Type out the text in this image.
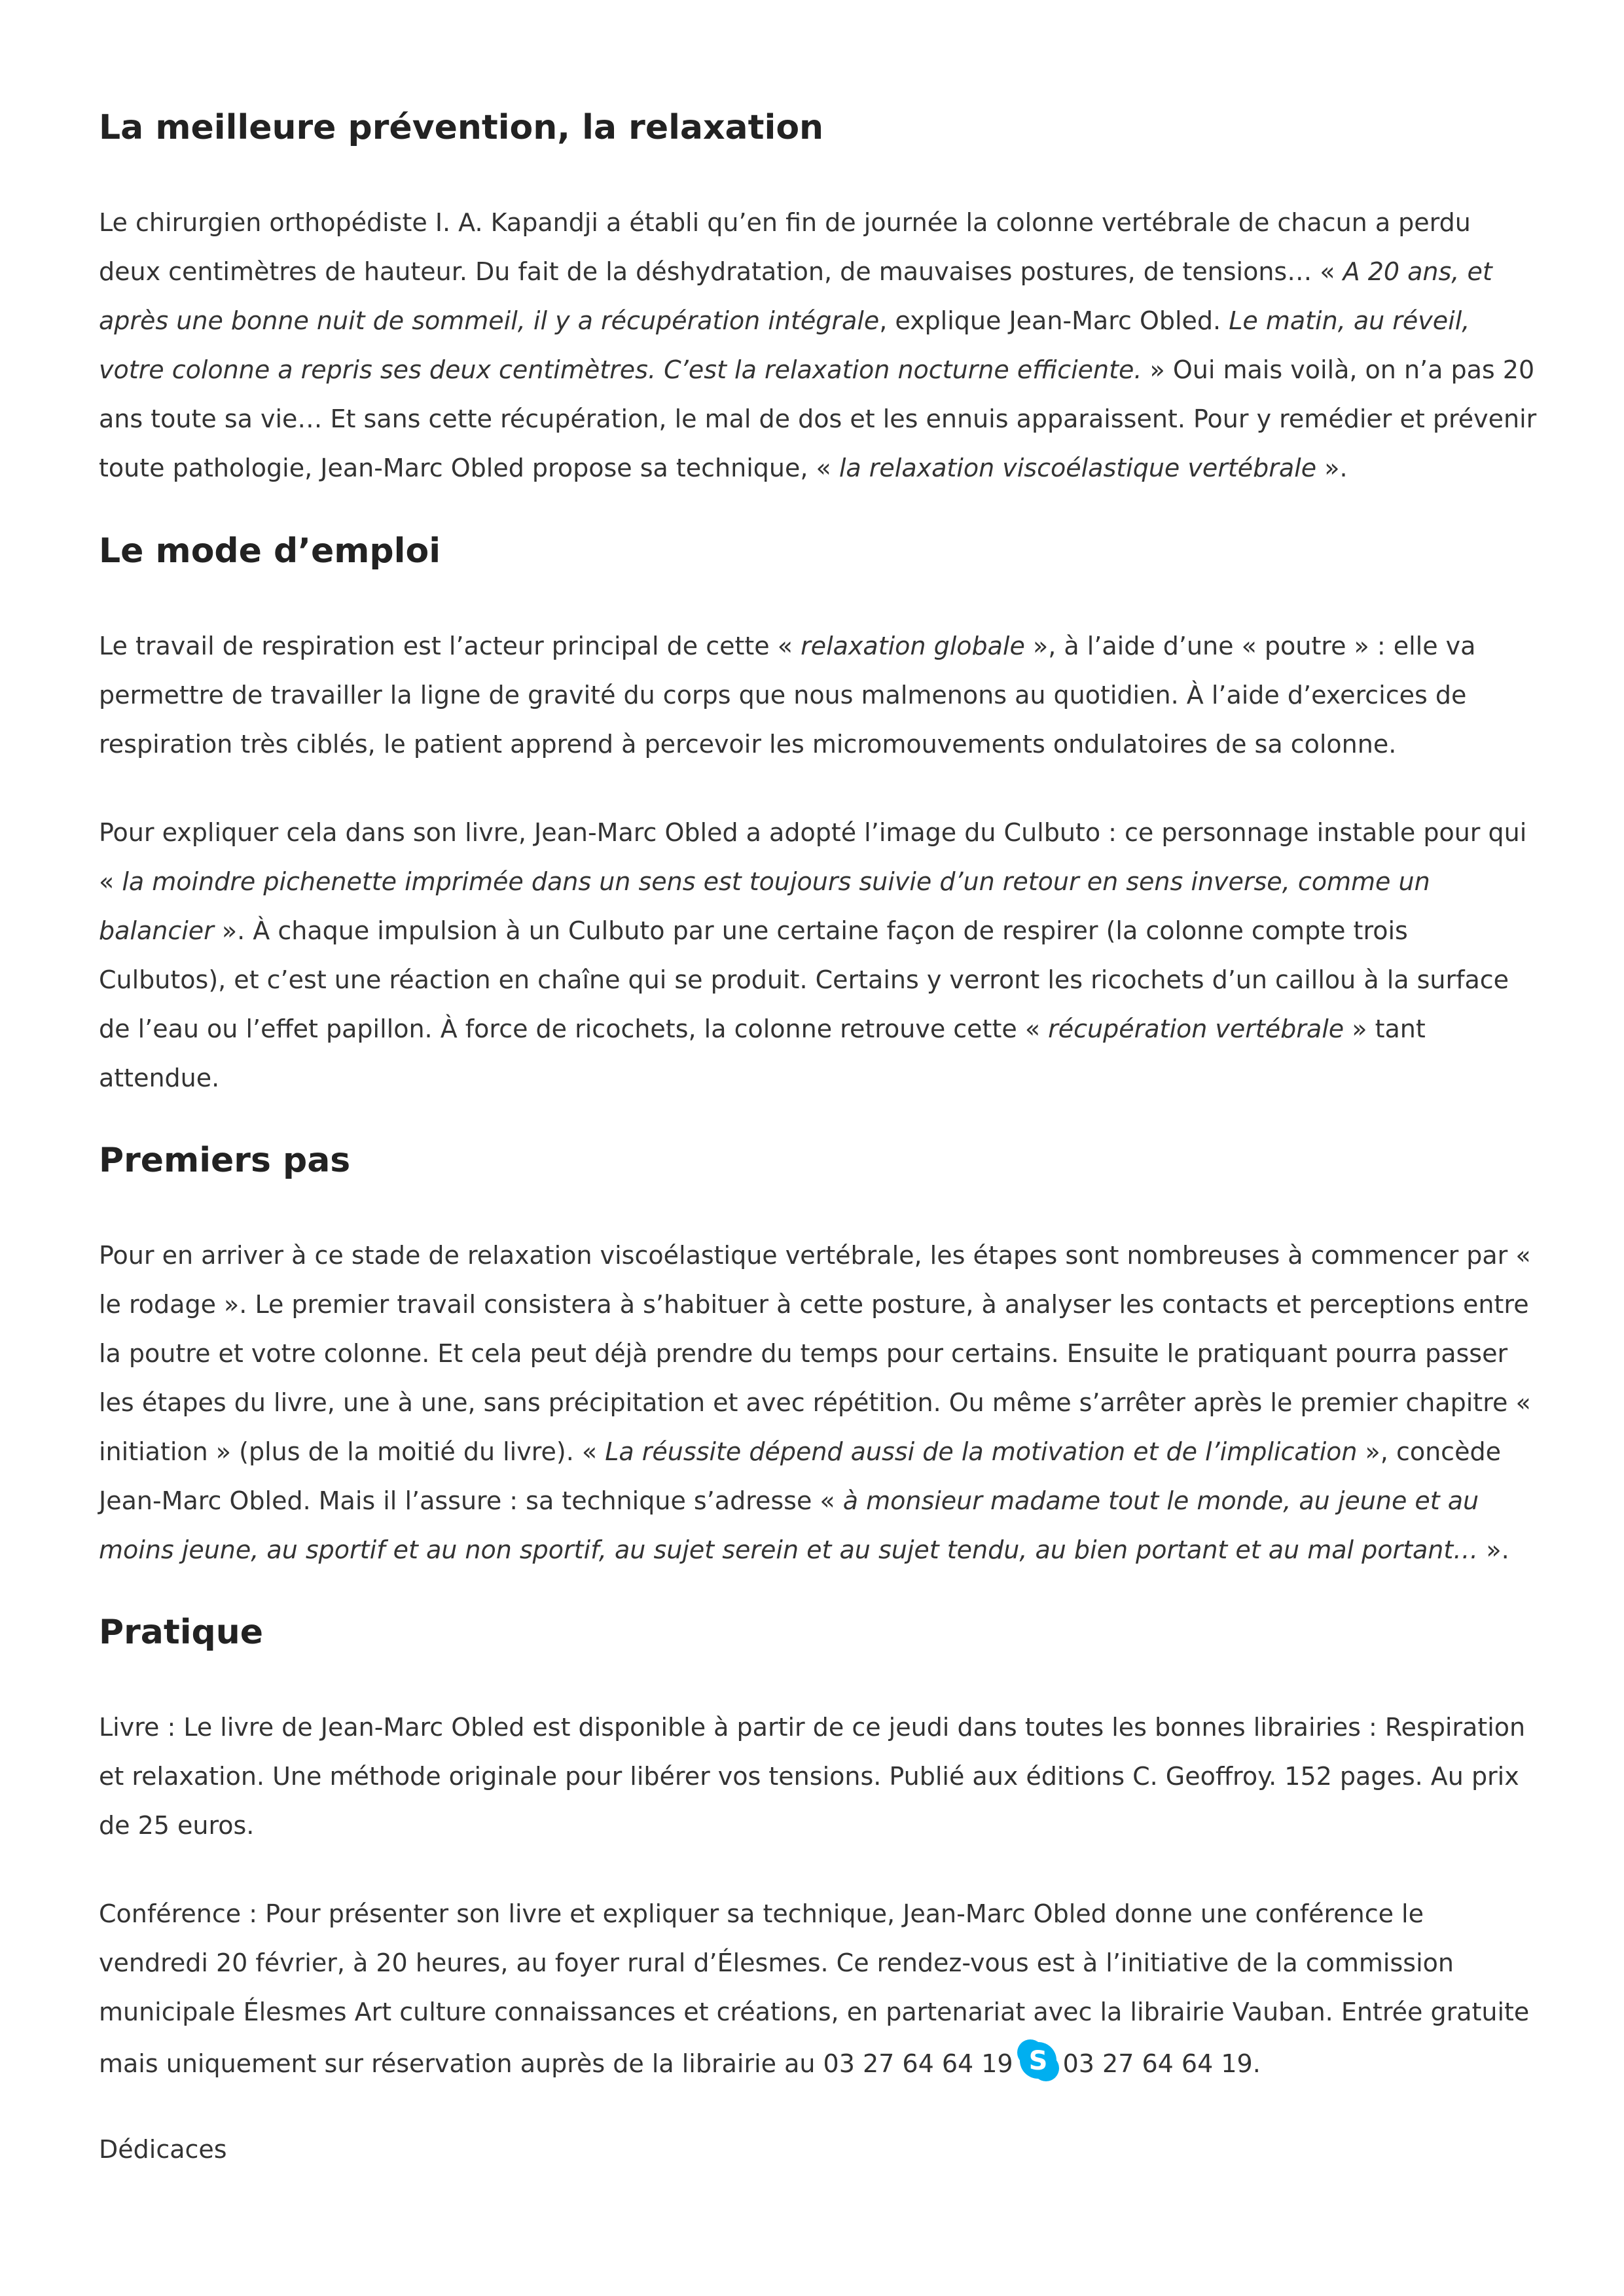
La meilleure prévention, la relaxation

Le chirurgien orthopédiste I. A. Kapandji a établi qu’en fin de journée la colonne vertébrale de chacun a perdu deux centimètres de hauteur. Du fait de la déshydratation, de mauvaises postures, de tensions… « A 20 ans, et après une bonne nuit de sommeil, il y a récupération intégrale, explique Jean-Marc Obled. Le matin, au réveil, votre colonne a repris ses deux centimètres. C’est la relaxation nocturne efficiente. » Oui mais voilà, on n’a pas 20 ans toute sa vie… Et sans cette récupération, le mal de dos et les ennuis apparaissent. Pour y remédier et prévenir toute pathologie, Jean-Marc Obled propose sa technique, « la relaxation viscoélastique vertébrale ».

Le mode d’emploi

Le travail de respiration est l’acteur principal de cette « relaxation globale », à l’aide d’une « poutre » : elle va permettre de travailler la ligne de gravité du corps que nous malmenons au quotidien. À l’aide d’exercices de respiration très ciblés, le patient apprend à percevoir les micromouvements ondulatoires de sa colonne.

Pour expliquer cela dans son livre, Jean-Marc Obled a adopté l’image du Culbuto : ce personnage instable pour qui « la moindre pichenette imprimée dans un sens est toujours suivie d’un retour en sens inverse, comme un balancier ». À chaque impulsion à un Culbuto par une certaine façon de respirer (la colonne compte trois Culbutos), et c’est une réaction en chaîne qui se produit. Certains y verront les ricochets d’un caillou à la surface de l’eau ou l’effet papillon. À force de ricochets, la colonne retrouve cette « récupération vertébrale » tant attendue.

Premiers pas

Pour en arriver à ce stade de relaxation viscoélastique vertébrale, les étapes sont nombreuses à commencer par « le rodage ». Le premier travail consistera à s’habituer à cette posture, à analyser les contacts et perceptions entre la poutre et votre colonne. Et cela peut déjà prendre du temps pour certains. Ensuite le pratiquant pourra passer les étapes du livre, une à une, sans précipitation et avec répétition. Ou même s’arrêter après le premier chapitre « initiation » (plus de la moitié du livre). « La réussite dépend aussi de la motivation et de l’implication », concède Jean-Marc Obled. Mais il l’assure : sa technique s’adresse « à monsieur madame tout le monde, au jeune et au moins jeune, au sportif et au non sportif, au sujet serein et au sujet tendu, au bien portant et au mal portant… ».

Pratique

Livre : Le livre de Jean-Marc Obled est disponible à partir de ce jeudi dans toutes les bonnes librairies : Respiration et relaxation. Une méthode originale pour libérer vos tensions. Publié aux éditions C. Geoffroy. 152 pages. Au prix de 25 euros.

Conférence : Pour présenter son livre et expliquer sa technique, Jean-Marc Obled donne une conférence le vendredi 20 février, à 20 heures, au foyer rural d’Élesmes. Ce rendez-vous est à l’initiative de la commission municipale Élesmes Art culture connaissances et créations, en partenariat avec la librairie Vauban. Entrée gratuite mais uniquement sur réservation auprès de la librairie au 03 27 64 64 19 S 03 27 64 64 19.

Dédicaces
